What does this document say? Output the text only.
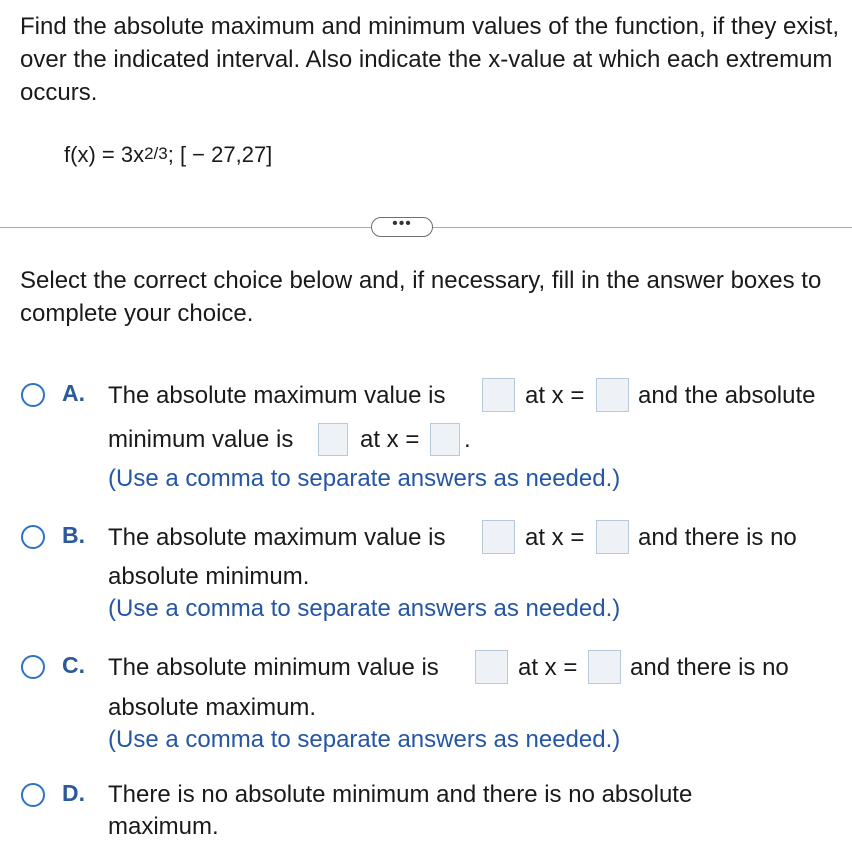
Find the absolute maximum and minimum values of the function, if they exist, over the indicated interval. Also indicate the x-value at which each extremum occurs.
$f(x) = 3x^{2/3}$; [ − 27,27]
•••
Select the correct choice below and, if necessary, fill in the answer boxes to complete your choice.
A. The absolute maximum value is	at x = and the absolute
minimum value is	at x = .
(Use a comma to separate answers as needed.)
B. The absolute maximum value is	at x = and there is no
absolute minimum.
(Use a comma to separate answers as needed.)
C. The absolute minimum value is	at x = and there is no
absolute maximum.
(Use a comma to separate answers as needed.)
D. There is no absolute minimum and there is no absolute
maximum.
